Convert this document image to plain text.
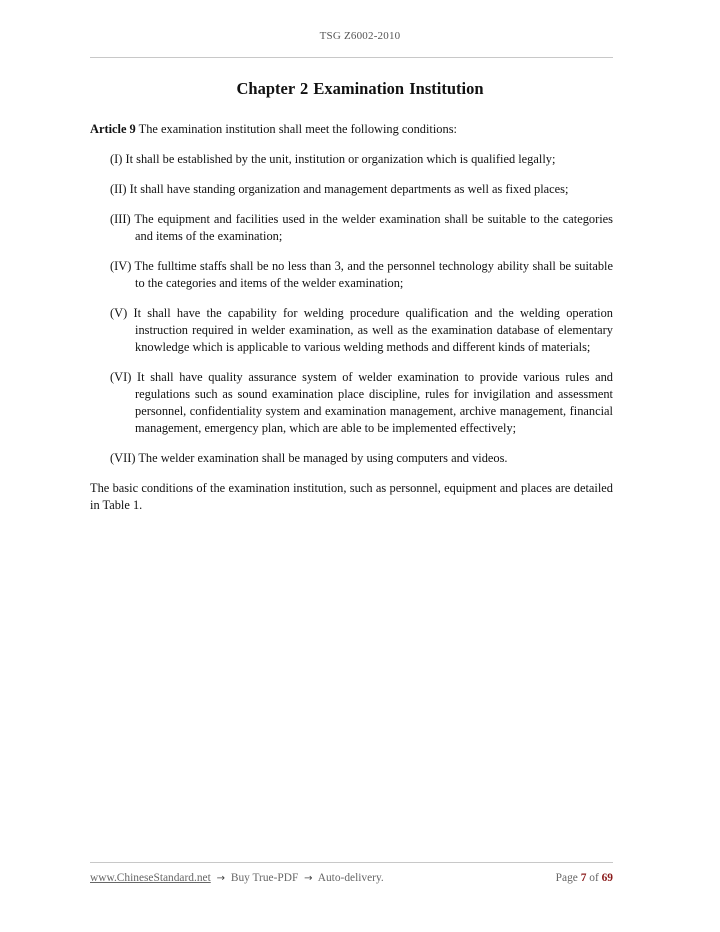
TSG Z6002-2010
Chapter 2 Examination Institution

Article 9 The examination institution shall meet the following conditions:

(I) It shall be established by the unit, institution or organization which is qualified legally;

(II) It shall have standing organization and management departments as well as fixed places;

(III) The equipment and facilities used in the welder examination shall be suitable to the categories and items of the examination;

(IV) The fulltime staffs shall be no less than 3, and the personnel technology ability shall be suitable to the categories and items of the welder examination;

(V) It shall have the capability for welding procedure qualification and the welding operation instruction required in welder examination, as well as the examination database of elementary knowledge which is applicable to various welding methods and different kinds of materials;

(VI) It shall have quality assurance system of welder examination to provide various rules and regulations such as sound examination place discipline, rules for invigilation and assessment personnel, confidentiality system and examination management, archive management, financial management, emergency plan, which are able to be implemented effectively;

(VII) The welder examination shall be managed by using computers and videos.

The basic conditions of the examination institution, such as personnel, equipment and places are detailed in Table 1.

www.ChineseStandard.net → Buy True-PDF → Auto-delivery.	Page 7 of 69
